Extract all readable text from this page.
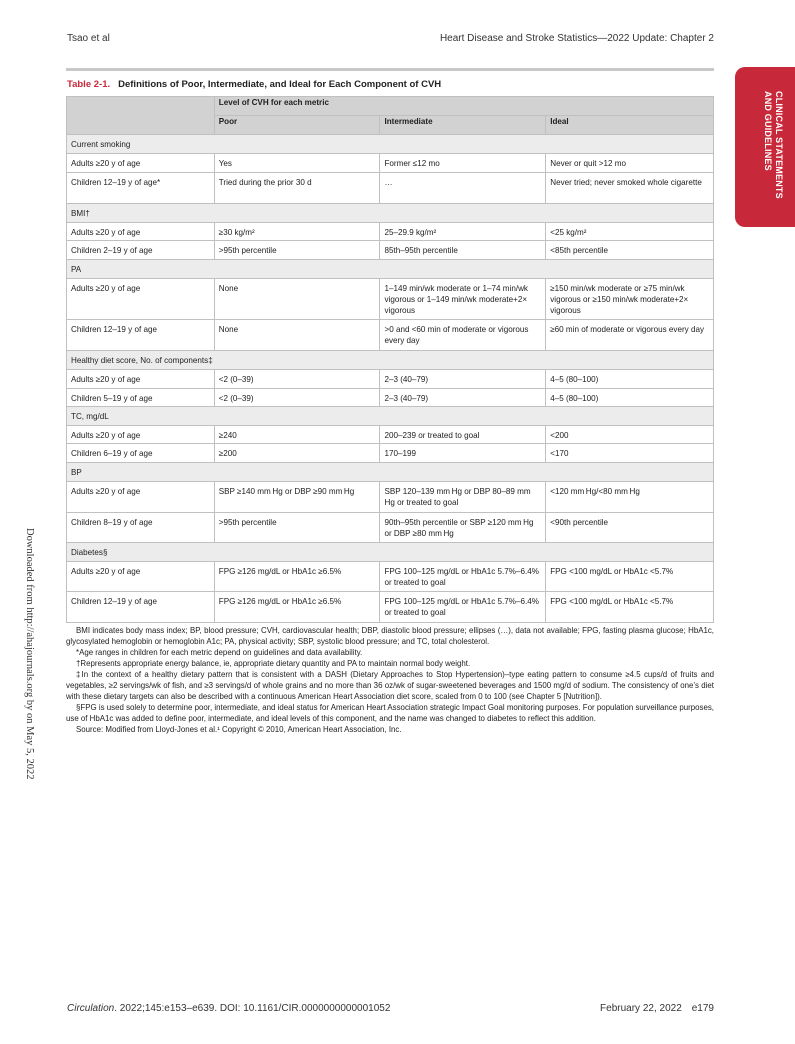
Tsao et al	Heart Disease and Stroke Statistics—2022 Update: Chapter 2
CLINICAL STATEMENTS
AND GUIDELINES
Downloaded from http://ahajournals.org by on May 5, 2022
Table 2-1. Definitions of Poor, Intermediate, and Ideal for Each Component of CVH
	Level of CVH for each metric		
	Poor	Intermediate	Ideal
Current smoking			
Adults ≥20 y of age	Yes	Former ≤12 mo	Never or quit >12 mo
Children 12–19 y of age*	Tried during the prior 30 d	…	Never tried; never smoked whole cigarette
BMI†			
Adults ≥20 y of age	≥30 kg/m²	25–29.9 kg/m²	<25 kg/m²
Children 2–19 y of age	>95th percentile	85th–95th percentile	<85th percentile
PA			
Adults ≥20 y of age	None	1–149 min/wk moderate or 1–74 min/wk vigorous or 1–149 min/wk moderate+2× vigorous	≥150 min/wk moderate or ≥75 min/wk vigorous or ≥150 min/wk moderate+2× vigorous
Children 12–19 y of age	None	>0 and <60 min of moderate or vigorous every day	≥60 min of moderate or vigorous every day
Healthy diet score, No. of components‡			
Adults ≥20 y of age	<2 (0–39)	2–3 (40–79)	4–5 (80–100)
Children 5–19 y of age	<2 (0–39)	2–3 (40–79)	4–5 (80–100)
TC, mg/dL			
Adults ≥20 y of age	≥240	200–239 or treated to goal	<200
Children 6–19 y of age	≥200	170–199	<170
BP			
Adults ≥20 y of age	SBP ≥140 mm Hg or DBP ≥90 mm Hg	SBP 120–139 mm Hg or DBP 80–89 mm Hg or treated to goal	<120 mm Hg/<80 mm Hg
Children 8–19 y of age	>95th percentile	90th–95th percentile or SBP ≥120 mm Hg or DBP ≥80 mm Hg	<90th percentile
Diabetes§			
Adults ≥20 y of age	FPG ≥126 mg/dL or HbA1c ≥6.5%	FPG 100–125 mg/dL or HbA1c 5.7%–6.4% or treated to goal	FPG <100 mg/dL or HbA1c <5.7%
Children 12–19 y of age	FPG ≥126 mg/dL or HbA1c ≥6.5%	FPG 100–125 mg/dL or HbA1c 5.7%–6.4% or treated to goal	FPG <100 mg/dL or HbA1c <5.7%

BMI indicates body mass index; BP, blood pressure; CVH, cardiovascular health; DBP, diastolic blood pressure; ellipses (…), data not available; FPG, fasting plasma glucose; HbA1c, glycosylated hemoglobin or hemoglobin A1c; PA, physical activity; SBP, systolic blood pressure; and TC, total cholesterol.

*Age ranges in children for each metric depend on guidelines and data availability.

†Represents appropriate energy balance, ie, appropriate dietary quantity and PA to maintain normal body weight.

‡In the context of a healthy dietary pattern that is consistent with a DASH (Dietary Approaches to Stop Hypertension)–type eating pattern to consume ≥4.5 cups/d of fruits and vegetables, ≥2 servings/wk of fish, and ≥3 servings/d of whole grains and no more than 36 oz/wk of sugar-sweetened beverages and 1500 mg/d of sodium. The consistency of one’s diet with these dietary targets can also be described with a continuous American Heart Association diet score, scaled from 0 to 100 (see Chapter 5 [Nutrition]).

§FPG is used solely to determine poor, intermediate, and ideal status for American Heart Association strategic Impact Goal monitoring purposes. For population surveillance purposes, use of HbA1c was added to define poor, intermediate, and ideal levels of this component, and the name was changed to diabetes to reflect this addition.

Source: Modified from Lloyd-Jones et al.¹ Copyright © 2010, American Heart Association, Inc.

Circulation. 2022;145:e153–e639. DOI: 10.1161/CIR.0000000000001052	February 22, 2022 e179
